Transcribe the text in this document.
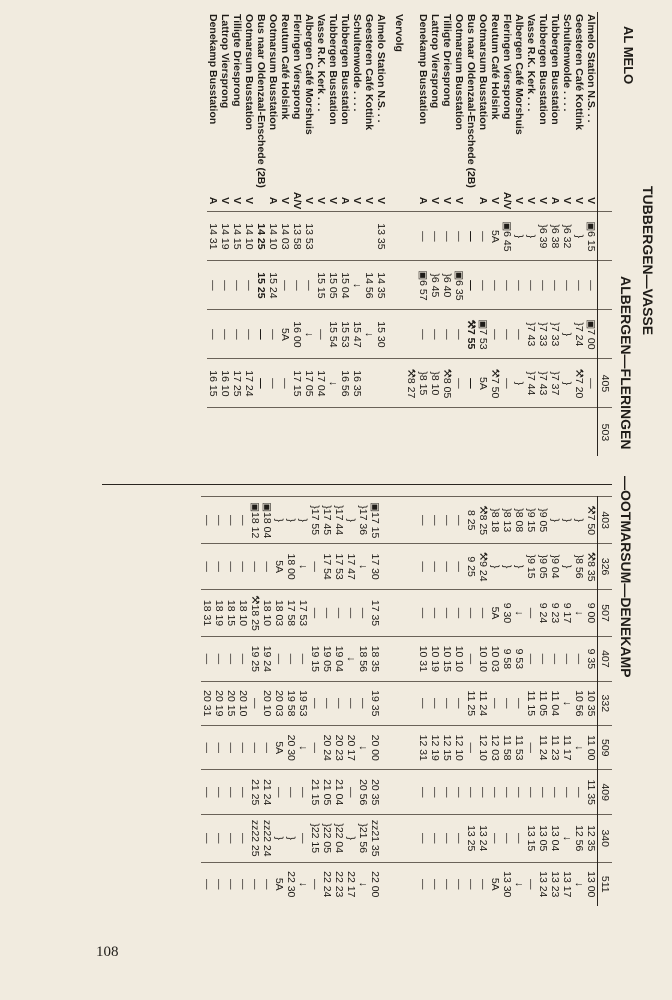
AL MELO
TUBBERGEN—VASSE
ALBERGEN—FLERINGEN
—OOTMARSUM—DENEKAMP
					405	503
Almelo Station N.S. . .	V	▣6 15	—	▣7 00	—	
Geesteren Café Kottink	V	}	—	}7 24	⚒7 20	
Schultenwolde . . . .	V	}6 32	—	}	}	
Tubbergen Busstation	A	}6 38	—	}7 33	}7 37	
Tubbergen Busstation	V	}6 39	—	}7 33	}7 43	
Vasse R.K. Kerk . . .	V	}	—	}7 43	}7 44	
Albergen Café Morshuis	V	}	—	—	}	
Fleringen Viersprong	A/V	▣6 45	—	—	—	
Reutum Café Holsink	V	5A	—	—	⚒7 50	
Ootmarsum Busstation	A	—	—	▣7 53	5A	
Bus naar Oldenzaal-Enschede (2B)		—	—	⚒7 55	—	
Ootmarsum Busstation	V	—	▣6 35	—	—	
Tilligte Driesprong	V	—	}6 40	—	⚒8 05	
Lattrop Viersprong	V	—	}6 45	—	}8 10	
Denekamp Busstation	A	—	▣6 57	—	}8 15	
					⚒8 27	
Vervolg						

Almelo Station N.S. . .	V	13 35	14 35	15 30		
Geesteren Café Kottink	V		14 56	↓		
Schultenwolde . . . .	V		↓	15 47	16 35	
Tubbergen Busstation	A		15 04	15 53	16 56	
Tubbergen Busstation	V		15 05	15 54	↓	
Vasse R.K. Kerk . . .	V		15 15	—	17 04	
Albergen Café Morshuis	V	13 53	—	↓	17 05	
Fleringen Viersprong	A/V	13 58	—	16 00	17 15	
Reutum Café Holsink	V	14 03	—	5A	—	
Ootmarsum Busstation	A	14 10	15 24	—	—	
Bus naar Oldenzaal-Enschede (2B)		14 25	15 25	—	—	
Ootmarsum Busstation	V	14 10	—	—	17 24	
Tilligte Driesprong	V	14 15	—	—	17 25	
Lattrop Viersprong	V	14 19	—	—	16 10	
Denekamp Busstation	A	14 31	—	—	16 15	
403	326	507	407	332	509	409	340	511
⚒7 50	⚒8 35	9 00	9 35	10 35	11 00	11 35	12 35	13 00
}	}8 56	↓	—	10 56	↓	—	12 56	↓
}	}	9 17	—	↓	11 17	—	↓	13 17
}	}9 04	9 23	—	11 04	11 23	—	13 04	13 23
}9 05	}9 05	9 24	—	11 05	11 24	—	13 05	13 24
}9 15	}9 15	—	—	11 15	—	—	13 15	—
}8 08	}	↓	9 53	—	11 53	—	—	↓
}8 13	}	9 30	9 58	—	11 58	—	—	13 30
}8 18	}	5A	10 03	—	12 03	—	—	5A
⚒8 25	⚒9 24	—	10 10	11 24	12 10	—	13 24	—
8 25	9 25	—	—	11 25	—	—	13 25	—
—	—	—	10 10	—	12 10	—	—	—
—	—	—	10 15	—	12 15	—	—	—
—	—	—	10 19	—	12 19	—	—	—
—	—	—	10 31	—	12 31	—	—	—

▣17 15	17 30	17 35	18 35	19 35	20 00	20 35	zz21 35	22 00
}17 36	↓	—	18 56	—	↓	20 56	}21 56	↓
}	17 47	—	↓	—	20 17	—	}	22 17
}17 44	17 53	—	19 04	—	20 23	21 04	}22 04	22 23
}17 45	17 54	—	19 05	—	20 24	21 05	}22 05	22 24
}17 55	—	—	19 15	—	—	21 15	}22 15	—
}	↓	17 53	—	19 53	↓	—	—	↓
}	18 00	17 58	—	19 58	20 30	—	}	22 30
}	5A	18 03	—	20 03	5A	—	}	5A
▣18 04	—	18 10	19 24	20 10	—	21 24	zz22 24	—
▣18 12	—	⚒18 25	19 25	—	—	21 25	zz22 25	—
—	—	18 10	—	20 10	—	—	—	—
—	—	18 15	—	20 15	—	—	—	—
—	—	18 19	—	20 19	—	—	—	—
—	—	18 31	—	20 31	—	—	—	—
108
